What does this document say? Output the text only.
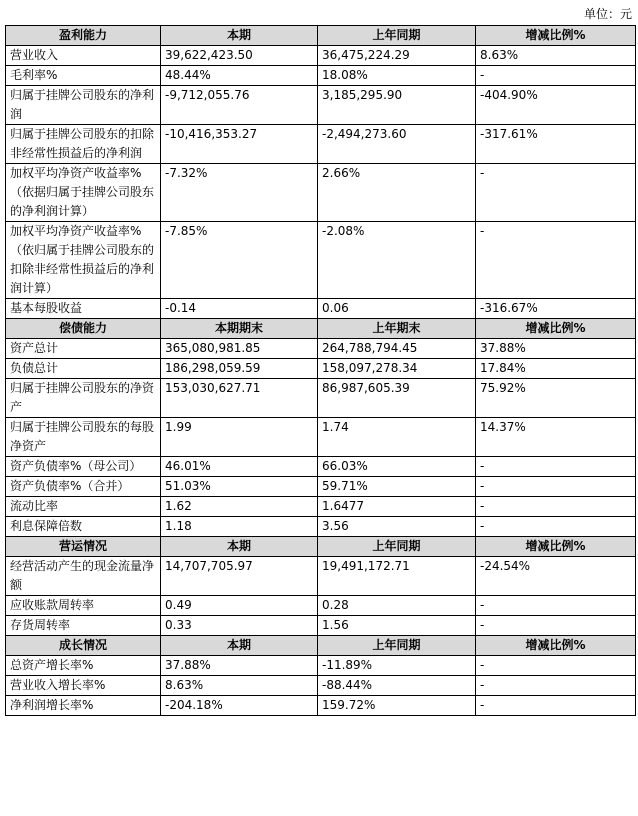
单位：元
盈利能力	本期	上年同期	增减比例%
营业收入	39,622,423.50	36,475,224.29	8.63%
毛利率%	48.44%	18.08%	-
归属于挂牌公司股东的净利润	-9,712,055.76	3,185,295.90	-404.90%
归属于挂牌公司股东的扣除非经常性损益后的净利润	-10,416,353.27	-2,494,273.60	-317.61%
加权平均净资产收益率%（依据归属于挂牌公司股东的净利润计算）	-7.32%	2.66%	-
加权平均净资产收益率%（依归属于挂牌公司股东的扣除非经常性损益后的净利润计算）	-7.85%	-2.08%	-
基本每股收益	-0.14	0.06	-316.67%
偿债能力	本期期末	上年期末	增减比例%
资产总计	365,080,981.85	264,788,794.45	37.88%
负债总计	186,298,059.59	158,097,278.34	17.84%
归属于挂牌公司股东的净资产	153,030,627.71	86,987,605.39	75.92%
归属于挂牌公司股东的每股净资产	1.99	1.74	14.37%
资产负债率%（母公司）	46.01%	66.03%	-
资产负债率%（合并）	51.03%	59.71%	-
流动比率	1.62	1.6477	-
利息保障倍数	1.18	3.56	-
营运情况	本期	上年同期	增减比例%
经营活动产生的现金流量净额	14,707,705.97	19,491,172.71	-24.54%
应收账款周转率	0.49	0.28	-
存货周转率	0.33	1.56	-
成长情况	本期	上年同期	增减比例%
总资产增长率%	37.88%	-11.89%	-
营业收入增长率%	8.63%	-88.44%	-
净利润增长率%	-204.18%	159.72%	-
